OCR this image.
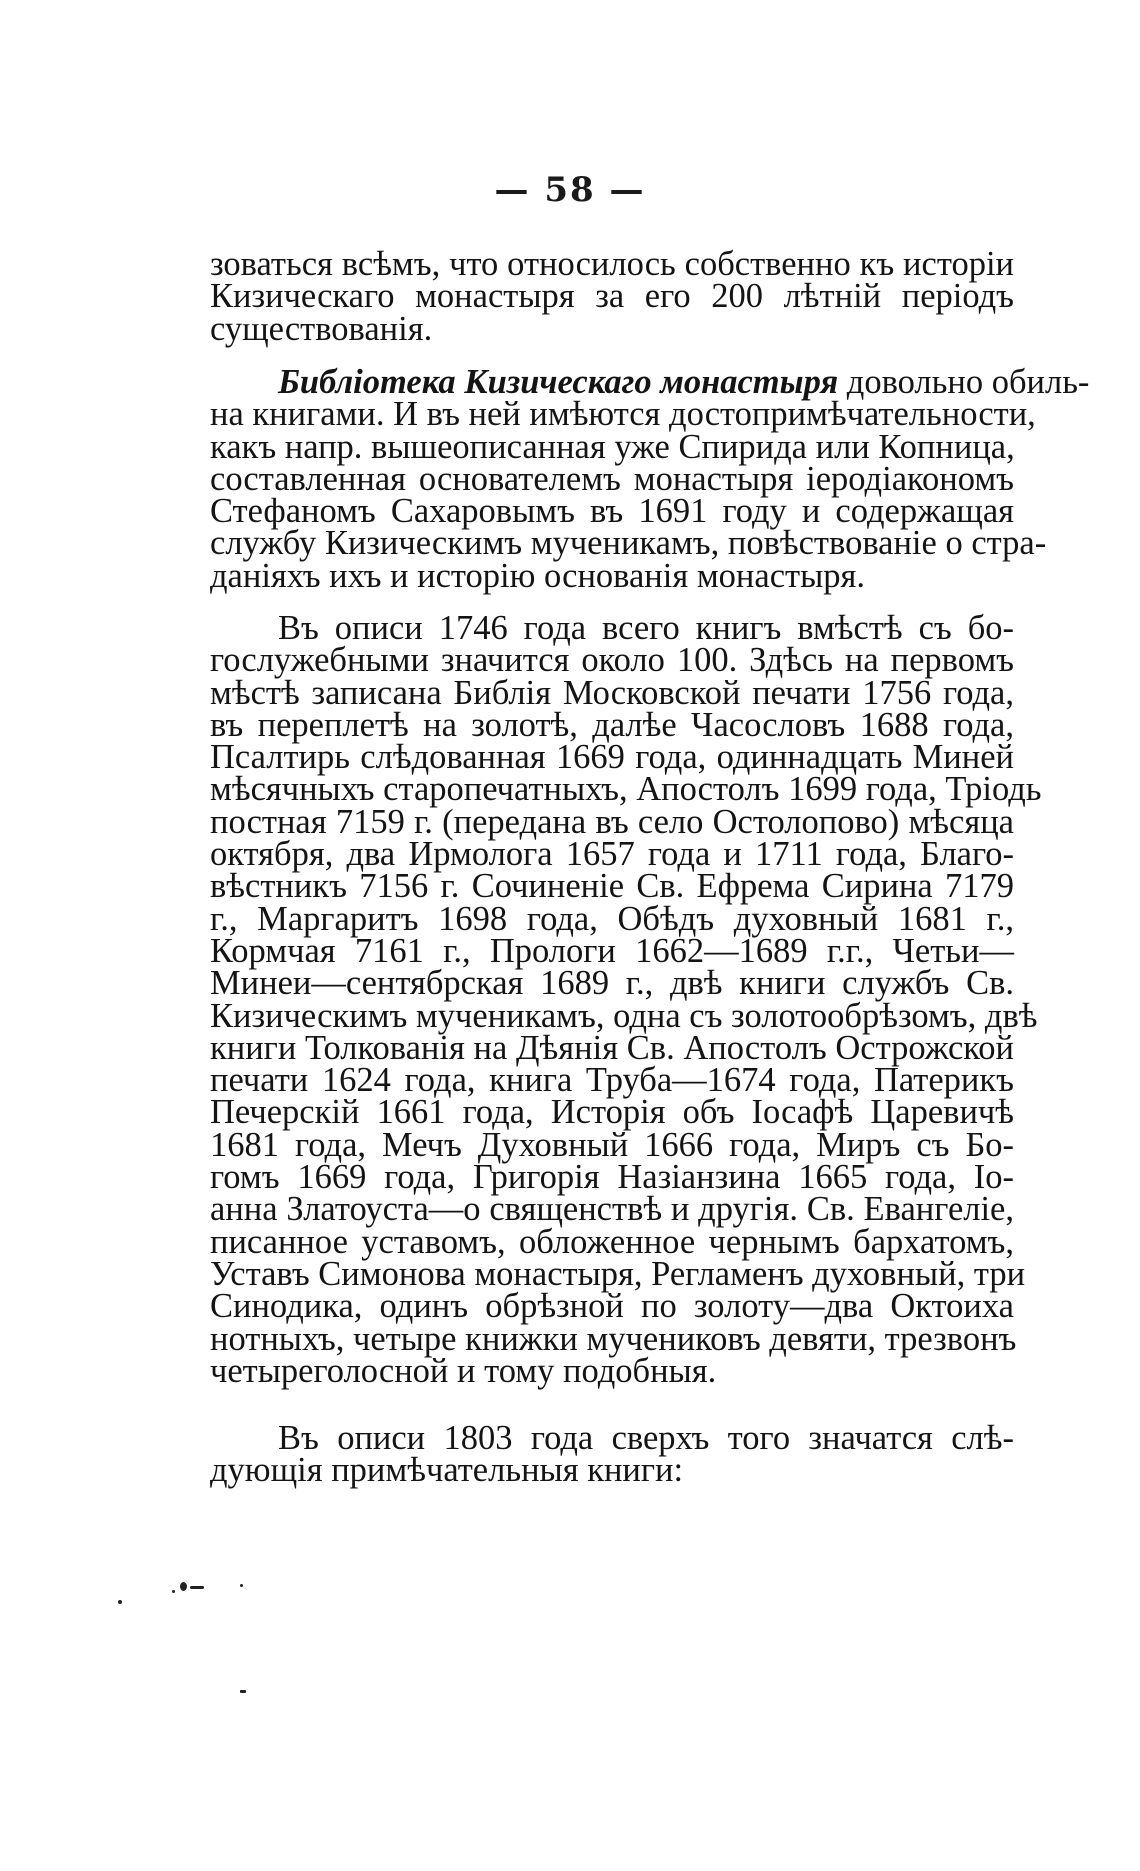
— 58 —
зоваться всѣмъ, что относилось собственно къ исторіи
Кизическаго монастыря за его 200 лѣтній періодъ
существованія.
Библіотека Кизическаго монастыря довольно обиль-
на книгами. И въ ней имѣются достопримѣчательности,
какъ напр. вышеописанная уже Спирида или Копница,
составленная основателемъ монастыря іеродіакономъ
Стефаномъ Сахаровымъ въ 1691 году и содержащая
службу Кизическимъ мученикамъ, повѣствованіе о стра-
даніяхъ ихъ и исторію основанія монастыря.
Въ описи 1746 года всего книгъ вмѣстѣ съ бо-
гослужебными значится около 100. Здѣсь на первомъ
мѣстѣ записана Библія Московской печати 1756 года,
въ переплетѣ на золотѣ, далѣе Часословъ 1688 года,
Псалтирь слѣдованная 1669 года, одиннадцать Миней
мѣсячныхъ старопечатныхъ, Апостолъ 1699 года, Тріодь
постная 7159 г. (передана въ село Остолопово) мѣсяца
октября, два Ирмолога 1657 года и 1711 года, Благо-
вѣстникъ 7156 г. Сочиненіе Св. Ефрема Сирина 7179
г., Маргаритъ 1698 года, Обѣдъ духовный 1681 г.,
Кормчая 7161 г., Прологи 1662—1689 г.г., Четьи—
Минеи—сентябрская 1689 г., двѣ книги службъ Св.
Кизическимъ мученикамъ, одна съ золотообрѣзомъ, двѣ
книги Толкованія на Дѣянія Св. Апостолъ Острожской
печати 1624 года, книга Труба—1674 года, Патерикъ
Печерскій 1661 года, Исторія объ Іосафѣ Царевичѣ
1681 года, Мечъ Духовный 1666 года, Миръ съ Бо-
гомъ 1669 года, Григорія Назіанзина 1665 года, Іо-
анна Златоуста—о священствѣ и другія. Св. Евангеліе,
писанное уставомъ, обложенное чернымъ бархатомъ,
Уставъ Симонова монастыря, Регламенъ духовный, три
Синодика, одинъ обрѣзной по золоту—два Октоиха
нотныхъ, четыре книжки мучениковъ девяти, трезвонъ
четыреголосной и тому подобныя.
Въ описи 1803 года сверхъ того значатся слѣ-
дующія примѣчательныя книги:
